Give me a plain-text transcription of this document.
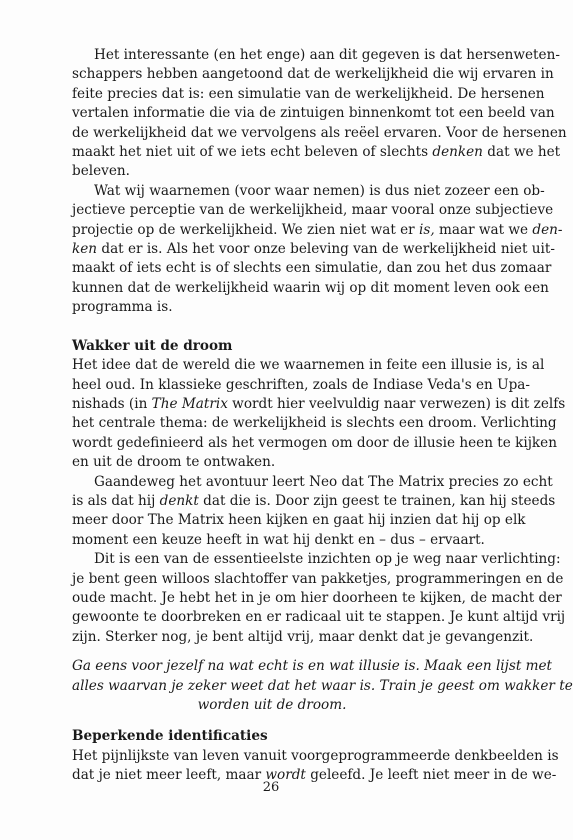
Het interessante (en het enge) aan dit gegeven is dat hersenweten-
schappers hebben aangetoond dat de werkelijkheid die wij ervaren in
feite precies dat is: een simulatie van de werkelijkheid. De hersenen
vertalen informatie die via de zintuigen binnenkomt tot een beeld van
de werkelijkheid dat we vervolgens als reëel ervaren. Voor de hersenen
maakt het niet uit of we iets echt beleven of slechts denken dat we het
beleven.
Wat wij waarnemen (voor waar nemen) is dus niet zozeer een ob-
jectieve perceptie van de werkelijkheid, maar vooral onze subjectieve
projectie op de werkelijkheid. We zien niet wat er is, maar wat we den-
ken dat er is. Als het voor onze beleving van de werkelijkheid niet uit-
maakt of iets echt is of slechts een simulatie, dan zou het dus zomaar
kunnen dat de werkelijkheid waarin wij op dit moment leven ook een
programma is.
Wakker uit de droom
Het idee dat de wereld die we waarnemen in feite een illusie is, is al
heel oud. In klassieke geschriften, zoals de Indiase Veda's en Upa-
nishads (in The Matrix wordt hier veelvuldig naar verwezen) is dit zelfs
het centrale thema: de werkelijkheid is slechts een droom. Verlichting
wordt gedefinieerd als het vermogen om door de illusie heen te kijken
en uit de droom te ontwaken.
Gaandeweg het avontuur leert Neo dat The Matrix precies zo echt
is als dat hij denkt dat die is. Door zijn geest te trainen, kan hij steeds
meer door The Matrix heen kijken en gaat hij inzien dat hij op elk
moment een keuze heeft in wat hij denkt en – dus – ervaart.
Dit is een van de essentieelste inzichten op je weg naar verlichting:
je bent geen willoos slachtoffer van pakketjes, programmeringen en de
oude macht. Je hebt het in je om hier doorheen te kijken, de macht der
gewoonte te doorbreken en er radicaal uit te stappen. Je kunt altijd vrij
zijn. Sterker nog, je bent altijd vrij, maar denkt dat je gevangenzit.
Ga eens voor jezelf na wat echt is en wat illusie is. Maak een lijst met
alles waarvan je zeker weet dat het waar is. Train je geest om wakker te
worden uit de droom.
Beperkende identificaties
Het pijnlijkste van leven vanuit voorgeprogrammeerde denkbeelden is
dat je niet meer leeft, maar wordt geleefd. Je leeft niet meer in de we-
26
